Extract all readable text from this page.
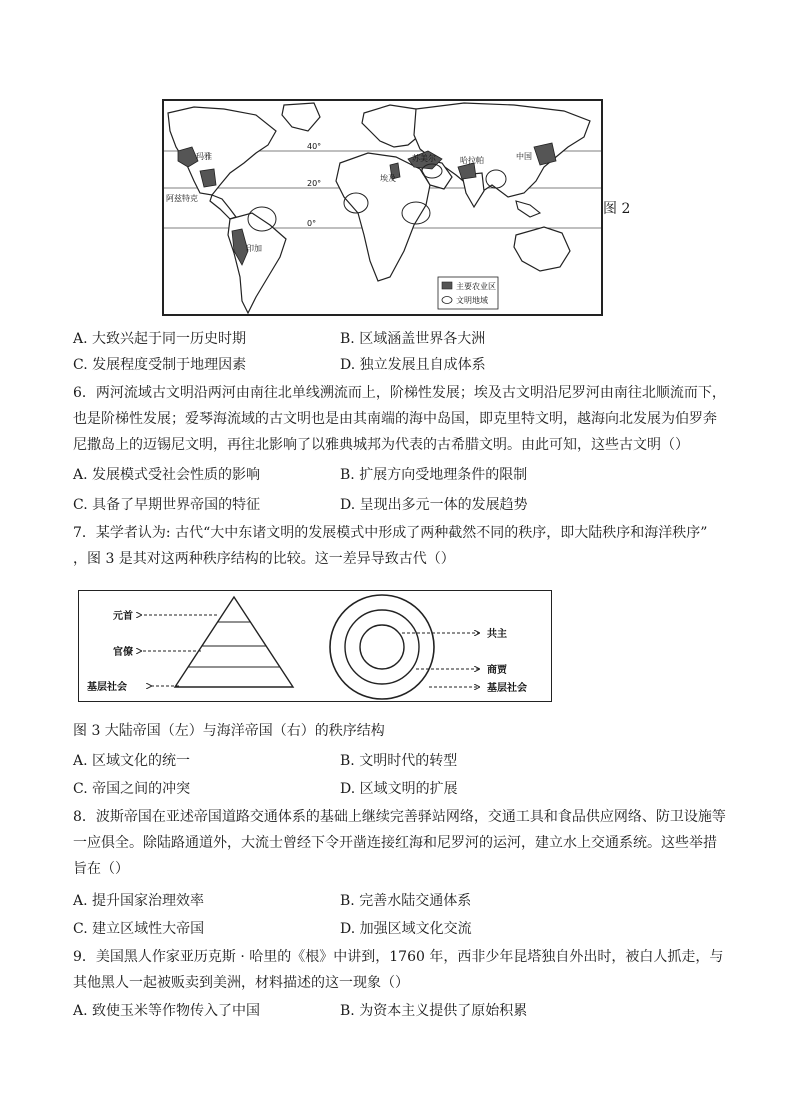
40°
20°
0°
玛雅
阿兹特克
印加
埃及
苏美尔	哈拉帕	中国
主要农业区
文明地域
图 2
A. 大致兴起于同一历史时期	B. 区域涵盖世界各大洲
C. 发展程度受制于地理因素	D. 独立发展且自成体系
6．两河流域古文明沿两河由南往北单线溯流而上，阶梯性发展；埃及古文明沿尼罗河由南往北顺流而下，
也是阶梯性发展；爱琴海流域的古文明也是由其南端的海中岛国，即克里特文明，越海向北发展为伯罗奔
尼撒岛上的迈锡尼文明，再往北影响了以雅典城邦为代表的古希腊文明。由此可知，这些古文明（）
A. 发展模式受社会性质的影响	B. 扩展方向受地理条件的限制
C. 具备了早期世界帝国的特征	D. 呈现出多元一体的发展趋势
7．某学者认为: 古代“大中东诸文明的发展模式中形成了两种截然不同的秩序，即大陆秩序和海洋秩序”
，图 3 是其对这两种秩序结构的比较。这一差异导致古代（）
元首
官僚
基层社会
共主
商贾
基层社会
图 3 大陆帝国（左）与海洋帝国（右）的秩序结构
A. 区域文化的统一	B. 文明时代的转型
C. 帝国之间的冲突	D. 区域文明的扩展
8．波斯帝国在亚述帝国道路交通体系的基础上继续完善驿站网络，交通工具和食品供应网络、防卫设施等
一应俱全。除陆路通道外，大流士曾经下令开凿连接红海和尼罗河的运河，建立水上交通系统。这些举措
旨在（）
A. 提升国家治理效率	B. 完善水陆交通体系
C. 建立区域性大帝国	D. 加强区域文化交流
9．美国黑人作家亚历克斯 · 哈里的《根》中讲到，1760 年，西非少年昆塔独自外出时，被白人抓走，与
其他黑人一起被贩卖到美洲，材料描述的这一现象（）
A. 致使玉米等作物传入了中国	B. 为资本主义提供了原始积累
